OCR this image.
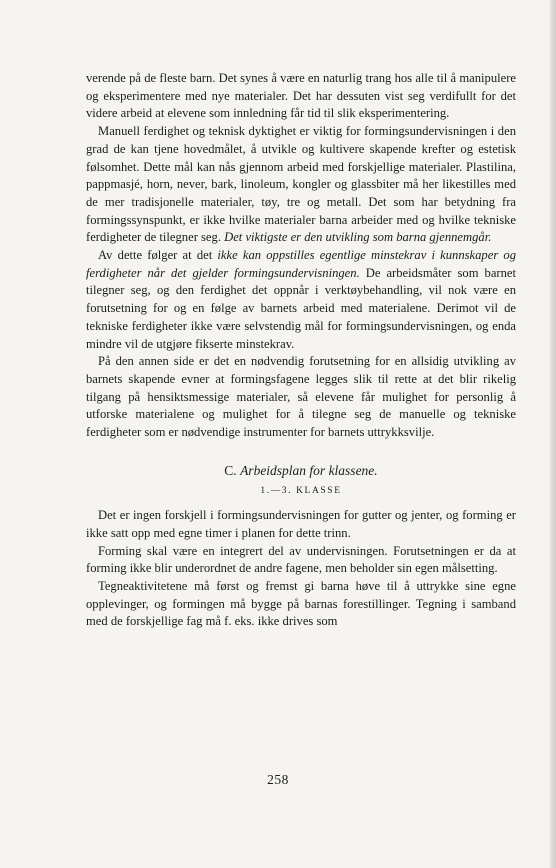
verende på de fleste barn. Det synes å være en naturlig trang hos alle til å manipulere og eksperimentere med nye materialer. Det har dessuten vist seg verdifullt for det videre arbeid at elevene som innledning får tid til slik eksperimentering.

Manuell ferdighet og teknisk dyktighet er viktig for formingsundervisningen i den grad de kan tjene hovedmålet, å utvikle og kultivere skapende krefter og estetisk følsomhet. Dette mål kan nås gjennom arbeid med forskjellige materialer. Plastilina, pappmasjé, horn, never, bark, linoleum, kongler og glassbiter må her likestilles med de mer tradisjonelle materialer, tøy, tre og metall. Det som har betydning fra formingssynspunkt, er ikke hvilke materialer barna arbeider med og hvilke tekniske ferdigheter de tilegner seg. Det viktigste er den utvikling som barna gjennemgår.

Av dette følger at det ikke kan oppstilles egentlige minstekrav i kunnskaper og ferdigheter når det gjelder formingsundervisningen. De arbeidsmåter som barnet tilegner seg, og den ferdighet det oppnår i verktøybehandling, vil nok være en forutsetning for og en følge av barnets arbeid med materialene. Derimot vil de tekniske ferdigheter ikke være selvstendig mål for formingsundervisningen, og enda mindre vil de utgjøre fikserte minstekrav.

På den annen side er det en nødvendig forutsetning for en allsidig utvikling av barnets skapende evner at formingsfagene legges slik til rette at det blir rikelig tilgang på hensiktsmessige materialer, så elevene får mulighet for personlig å utforske materialene og mulighet for å tilegne seg de manuelle og tekniske ferdigheter som er nødvendige instrumenter for barnets uttrykksvilje.

C. Arbeidsplan for klassene.

1.—3. KLASSE

Det er ingen forskjell i formingsundervisningen for gutter og jenter, og forming er ikke satt opp med egne timer i planen for dette trinn.

Forming skal være en integrert del av undervisningen. Forutsetningen er da at forming ikke blir underordnet de andre fagene, men beholder sin egen målsetting.

Tegneaktivitetene må først og fremst gi barna høve til å uttrykke sine egne opplevinger, og formingen må bygge på barnas forestillinger. Tegning i samband med de forskjellige fag må f. eks. ikke drives som

258
